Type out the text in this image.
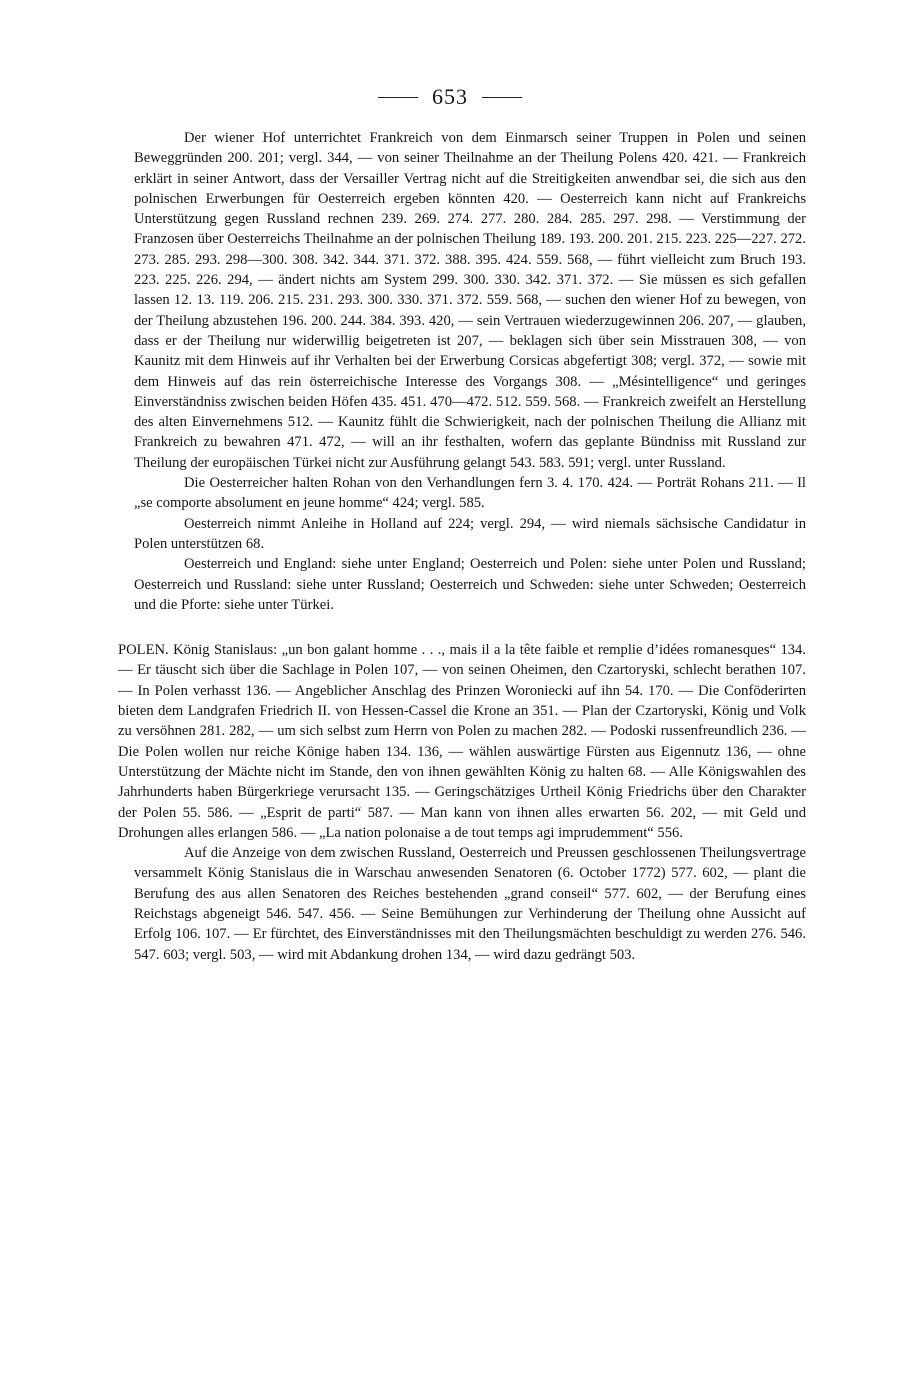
653

Der wiener Hof unterrichtet Frankreich von dem Einmarsch seiner Truppen in Polen und seinen Beweggründen 200. 201; vergl. 344, — von seiner Theilnahme an der Theilung Polens 420. 421. — Frankreich erklärt in seiner Antwort, dass der Versailler Vertrag nicht auf die Streitigkeiten anwendbar sei, die sich aus den polnischen Erwerbungen für Oesterreich ergeben könnten 420. — Oesterreich kann nicht auf Frankreichs Unterstützung gegen Russland rechnen 239. 269. 274. 277. 280. 284. 285. 297. 298. — Verstimmung der Franzosen über Oesterreichs Theilnahme an der polnischen Theilung 189. 193. 200. 201. 215. 223. 225—227. 272. 273. 285. 293. 298—300. 308. 342. 344. 371. 372. 388. 395. 424. 559. 568, — führt vielleicht zum Bruch 193. 223. 225. 226. 294, — ändert nichts am System 299. 300. 330. 342. 371. 372. — Sie müssen es sich gefallen lassen 12. 13. 119. 206. 215. 231. 293. 300. 330. 371. 372. 559. 568, — suchen den wiener Hof zu bewegen, von der Theilung abzustehen 196. 200. 244. 384. 393. 420, — sein Vertrauen wiederzugewinnen 206. 207, — glauben, dass er der Theilung nur widerwillig beigetreten ist 207, — beklagen sich über sein Misstrauen 308, — von Kaunitz mit dem Hinweis auf ihr Verhalten bei der Erwerbung Corsicas abgefertigt 308; vergl. 372, — sowie mit dem Hinweis auf das rein österreichische Interesse des Vorgangs 308. — „Mésintelligence“ und geringes Einverständniss zwischen beiden Höfen 435. 451. 470—472. 512. 559. 568. — Frankreich zweifelt an Herstellung des alten Einvernehmens 512. — Kaunitz fühlt die Schwierigkeit, nach der polnischen Theilung die Allianz mit Frankreich zu bewahren 471. 472, — will an ihr festhalten, wofern das geplante Bündniss mit Russland zur Theilung der europäischen Türkei nicht zur Ausführung gelangt 543. 583. 591; vergl. unter Russland.

Die Oesterreicher halten Rohan von den Verhandlungen fern 3. 4. 170. 424. — Porträt Rohans 211. — Il „se comporte absolument en jeune homme“ 424; vergl. 585.

Oesterreich nimmt Anleihe in Holland auf 224; vergl. 294, — wird niemals sächsische Candidatur in Polen unterstützen 68.

Oesterreich und England: siehe unter England; Oesterreich und Polen: siehe unter Polen und Russland; Oesterreich und Russland: siehe unter Russland; Oesterreich und Schweden: siehe unter Schweden; Oesterreich und die Pforte: siehe unter Türkei.

POLEN. König Stanislaus: „un bon galant homme . . ., mais il a la tête faible et remplie d’idées romanesques“ 134. — Er täuscht sich über die Sachlage in Polen 107, — von seinen Oheimen, den Czartoryski, schlecht berathen 107. — In Polen verhasst 136. — Angeblicher Anschlag des Prinzen Woroniecki auf ihn 54. 170. — Die Conföderirten bieten dem Landgrafen Friedrich II. von Hessen-Cassel die Krone an 351. — Plan der Czartoryski, König und Volk zu versöhnen 281. 282, — um sich selbst zum Herrn von Polen zu machen 282. — Podoski russenfreundlich 236. — Die Polen wollen nur reiche Könige haben 134. 136, — wählen auswärtige Fürsten aus Eigennutz 136, — ohne Unterstützung der Mächte nicht im Stande, den von ihnen gewählten König zu halten 68. — Alle Königswahlen des Jahrhunderts haben Bürgerkriege verursacht 135. — Geringschätziges Urtheil König Friedrichs über den Charakter der Polen 55. 586. — „Esprit de parti“ 587. — Man kann von ihnen alles erwarten 56. 202, — mit Geld und Drohungen alles erlangen 586. — „La nation polonaise a de tout temps agi imprudemment“ 556.

Auf die Anzeige von dem zwischen Russland, Oesterreich und Preussen geschlossenen Theilungsvertrage versammelt König Stanislaus die in Warschau anwesenden Senatoren (6. October 1772) 577. 602, — plant die Berufung des aus allen Senatoren des Reiches bestehenden „grand conseil“ 577. 602, — der Berufung eines Reichstags abgeneigt 546. 547. 456. — Seine Bemühungen zur Verhinderung der Theilung ohne Aussicht auf Erfolg 106. 107. — Er fürchtet, des Einverständnisses mit den Theilungsmächten beschuldigt zu werden 276. 546. 547. 603; vergl. 503, — wird mit Abdankung drohen 134, — wird dazu gedrängt 503.
